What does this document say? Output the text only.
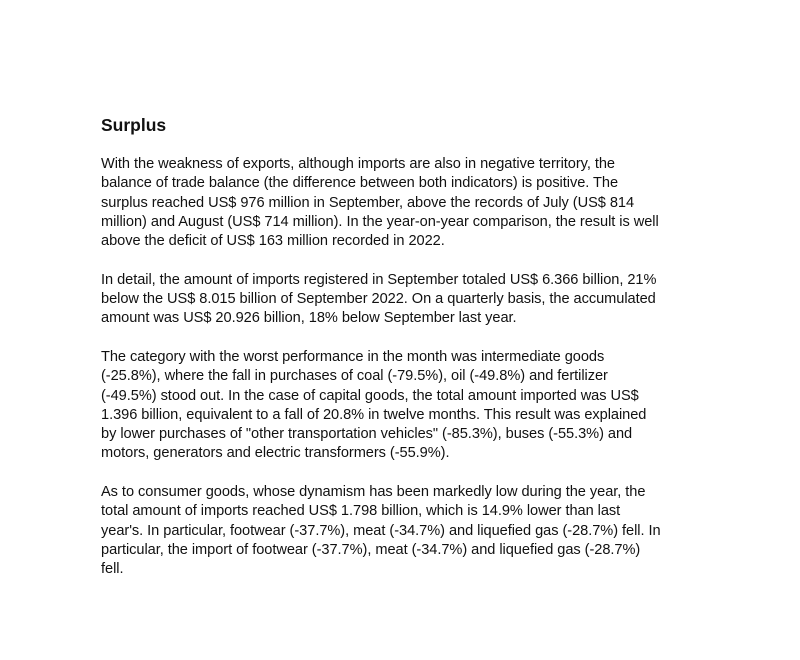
Surplus
With the weakness of exports, although imports are also in negative territory, the
balance of trade balance (the difference between both indicators) is positive. The
surplus reached US$ 976 million in September, above the records of July (US$ 814
million) and August (US$ 714 million). In the year-on-year comparison, the result is well
above the deficit of US$ 163 million recorded in 2022.
In detail, the amount of imports registered in September totaled US$ 6.366 billion, 21%
below the US$ 8.015 billion of September 2022. On a quarterly basis, the accumulated
amount was US$ 20.926 billion, 18% below September last year.
The category with the worst performance in the month was intermediate goods
(-25.8%), where the fall in purchases of coal (-79.5%), oil (-49.8%) and fertilizer
(-49.5%) stood out. In the case of capital goods, the total amount imported was US$
1.396 billion, equivalent to a fall of 20.8% in twelve months. This result was explained
by lower purchases of "other transportation vehicles" (-85.3%), buses (-55.3%) and
motors, generators and electric transformers (-55.9%).
As to consumer goods, whose dynamism has been markedly low during the year, the
total amount of imports reached US$ 1.798 billion, which is 14.9% lower than last
year's. In particular, footwear (-37.7%), meat (-34.7%) and liquefied gas (-28.7%) fell. In
particular, the import of footwear (-37.7%), meat (-34.7%) and liquefied gas (-28.7%)
fell.
